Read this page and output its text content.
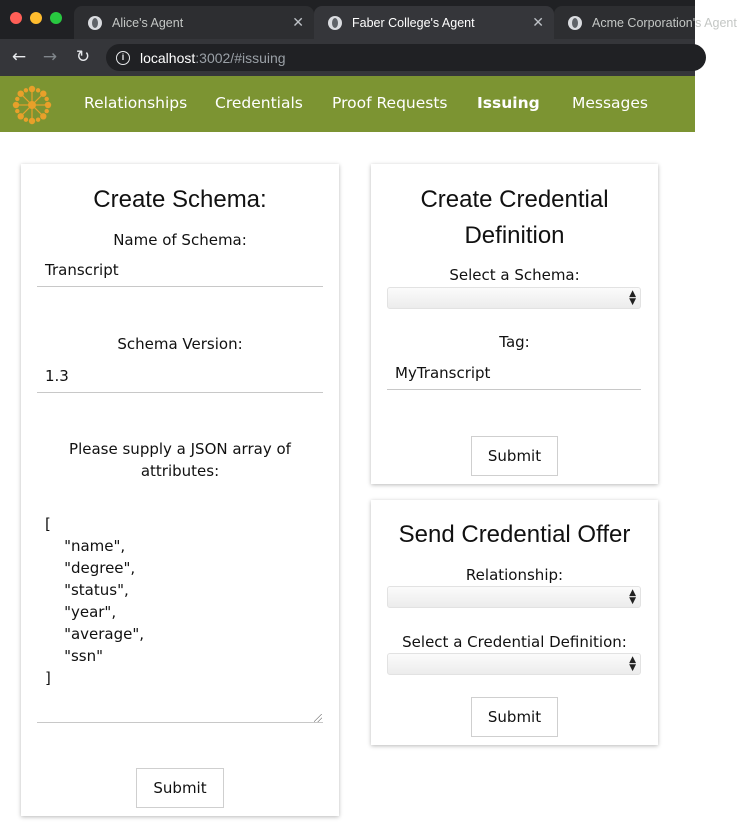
Alice's Agent	✕	Faber College's Agent	✕	Acme Corporation's Agent
← → ↻	i	localhost :3002/#issuing
Relationships Credentials Proof Requests Issuing Messages
Create Schema:
Name of Schema:
Transcript
Schema Version:
1.3
Please supply a JSON array of attributes:
[
"name",
"degree",
"status",
"year",
"average",
"ssn"
]
Submit
Create Credential
Definition
Select a Schema:
▲
▼
Tag:
MyTranscript
Submit
Send Credential Offer
Relationship:
▲
▼
Select a Credential Definition:
▲
▼
Submit
